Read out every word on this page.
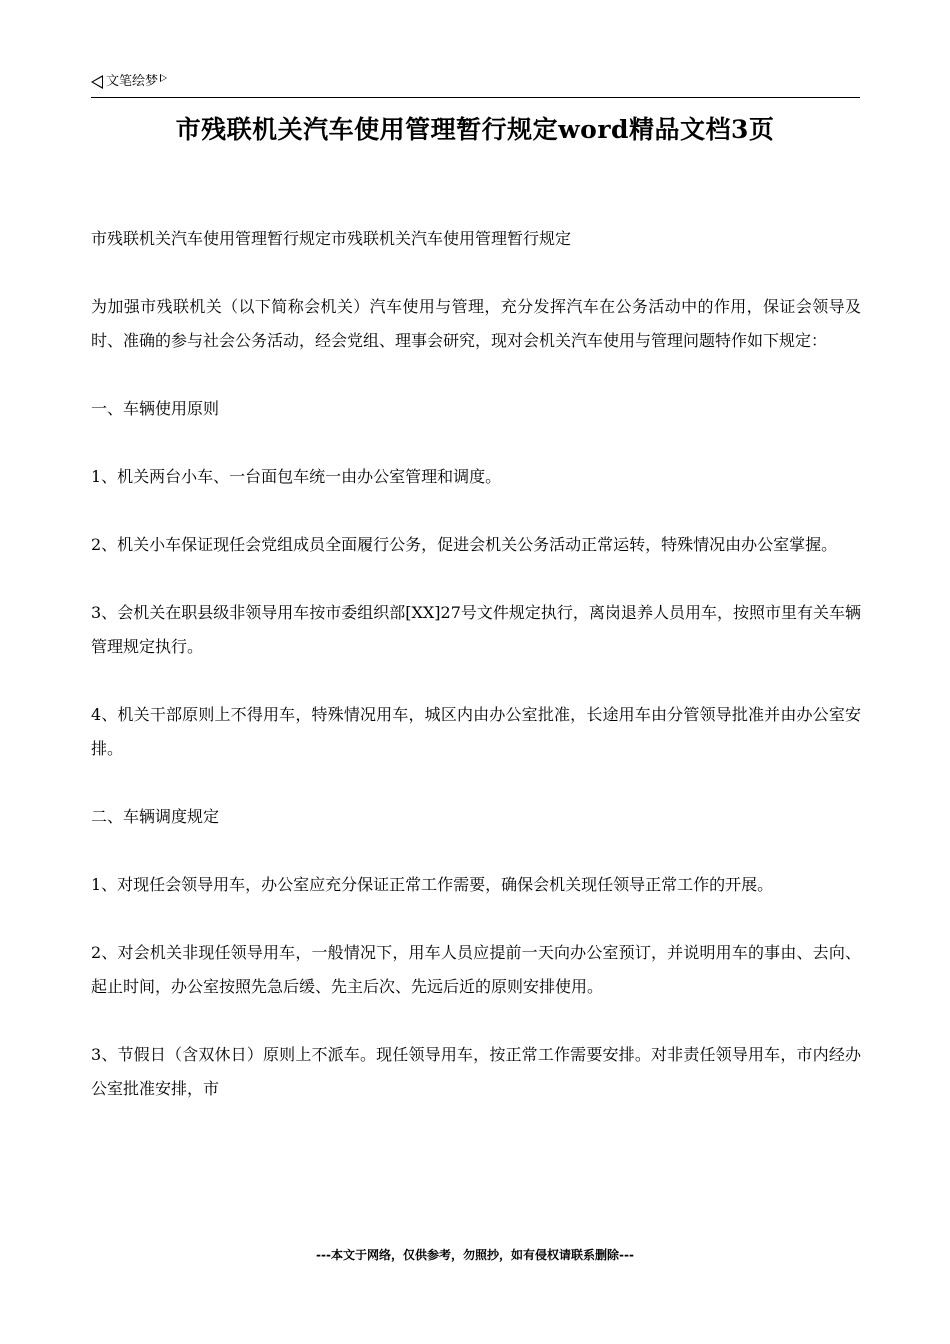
文笔绘梦
市残联机关汽车使用管理暂行规定word精品文档3页

市残联机关汽车使用管理暂行规定市残联机关汽车使用管理暂行规定

为加强市残联机关（以下简称会机关）汽车使用与管理，充分发挥汽车在公务活动中的作用，保证会领导及时、准确的参与社会公务活动，经会党组、理事会研究，现对会机关汽车使用与管理问题特作如下规定：

一、车辆使用原则

1、机关两台小车、一台面包车统一由办公室管理和调度。

2、机关小车保证现任会党组成员全面履行公务，促进会机关公务活动正常运转，特殊情况由办公室掌握。

3、会机关在职县级非领导用车按市委组织部[XX]27号文件规定执行，离岗退养人员用车，按照市里有关车辆管理规定执行。

4、机关干部原则上不得用车，特殊情况用车，城区内由办公室批准，长途用车由分管领导批准并由办公室安排。

二、车辆调度规定

1、对现任会领导用车，办公室应充分保证正常工作需要，确保会机关现任领导正常工作的开展。

2、对会机关非现任领导用车，一般情况下，用车人员应提前一天向办公室预订，并说明用车的事由、去向、起止时间，办公室按照先急后缓、先主后次、先远后近的原则安排使用。

3、节假日（含双休日）原则上不派车。现任领导用车，按正常工作需要安排。对非责任领导用车，市内经办公室批准安排，市

---本文于网络，仅供参考，勿照抄，如有侵权请联系删除---
